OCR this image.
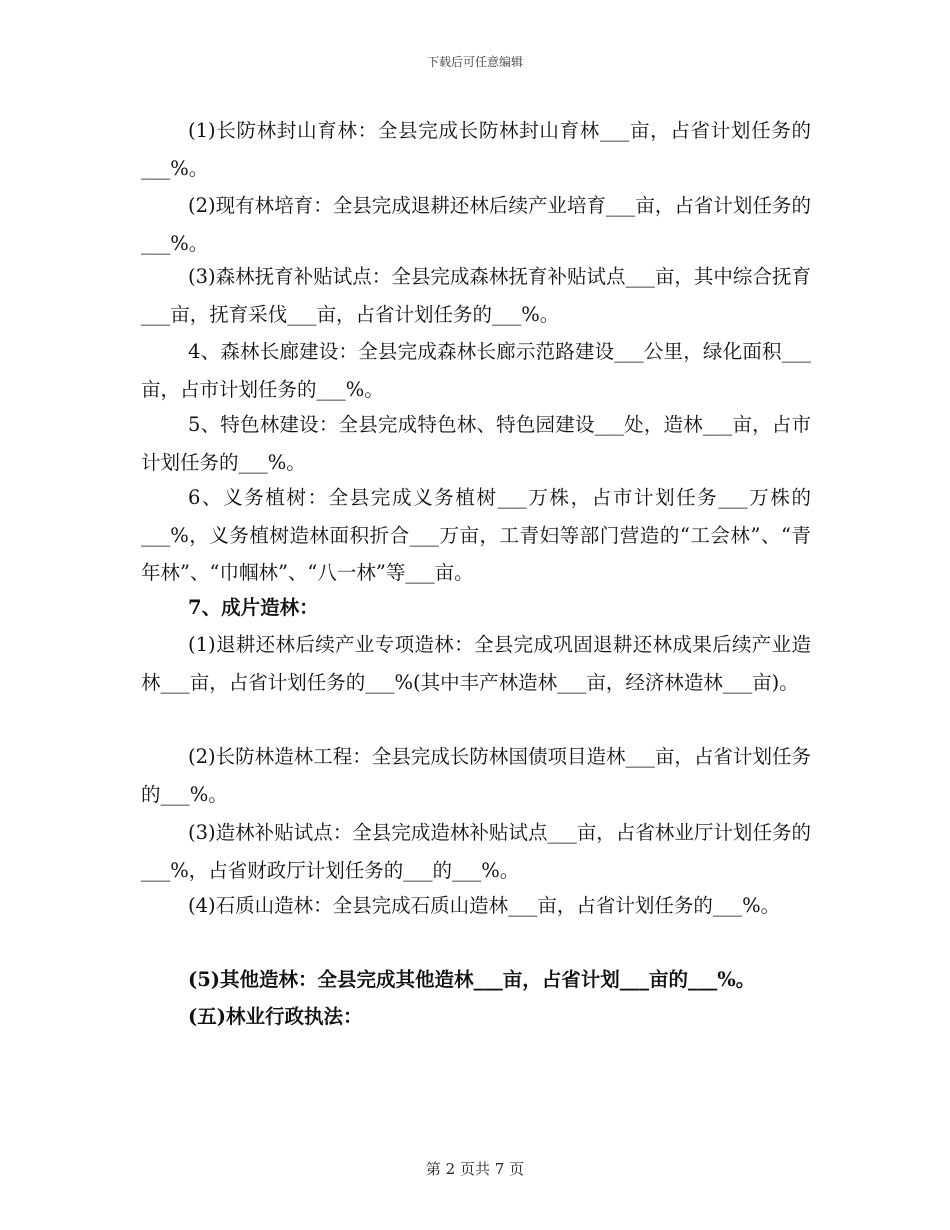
下载后可任意编辑

(1)长防林封山育林：全县完成长防林封山育林___亩，占省计划任务的___%。

(2)现有林培育：全县完成退耕还林后续产业培育___亩，占省计划任务的___%。

(3)森林抚育补贴试点：全县完成森林抚育补贴试点___亩，其中综合抚育___亩，抚育采伐___亩，占省计划任务的___%。

4、森林长廊建设：全县完成森林长廊示范路建设___公里，绿化面积___亩，占市计划任务的___%。

5、特色林建设：全县完成特色林、特色园建设___处，造林___亩，占市计划任务的___%。

6、义务植树：全县完成义务植树___万株，占市计划任务___万株的___%，义务植树造林面积折合___万亩，工青妇等部门营造的“工会林”、“青年林”、“巾帼林”、“八一林”等___亩。

7、成片造林：

(1)退耕还林后续产业专项造林：全县完成巩固退耕还林成果后续产业造林___亩，占省计划任务的___%(其中丰产林造林___亩，经济林造林___亩)。

(2)长防林造林工程：全县完成长防林国债项目造林___亩，占省计划任务的___%。

(3)造林补贴试点：全县完成造林补贴试点___亩，占省林业厅计划任务的___%，占省财政厅计划任务的___的___%。

(4)石质山造林：全县完成石质山造林___亩，占省计划任务的___%。

(5)其他造林：全县完成其他造林___亩，占省计划___亩的___%。

(五)林业行政执法：

第 2 页共 7 页
